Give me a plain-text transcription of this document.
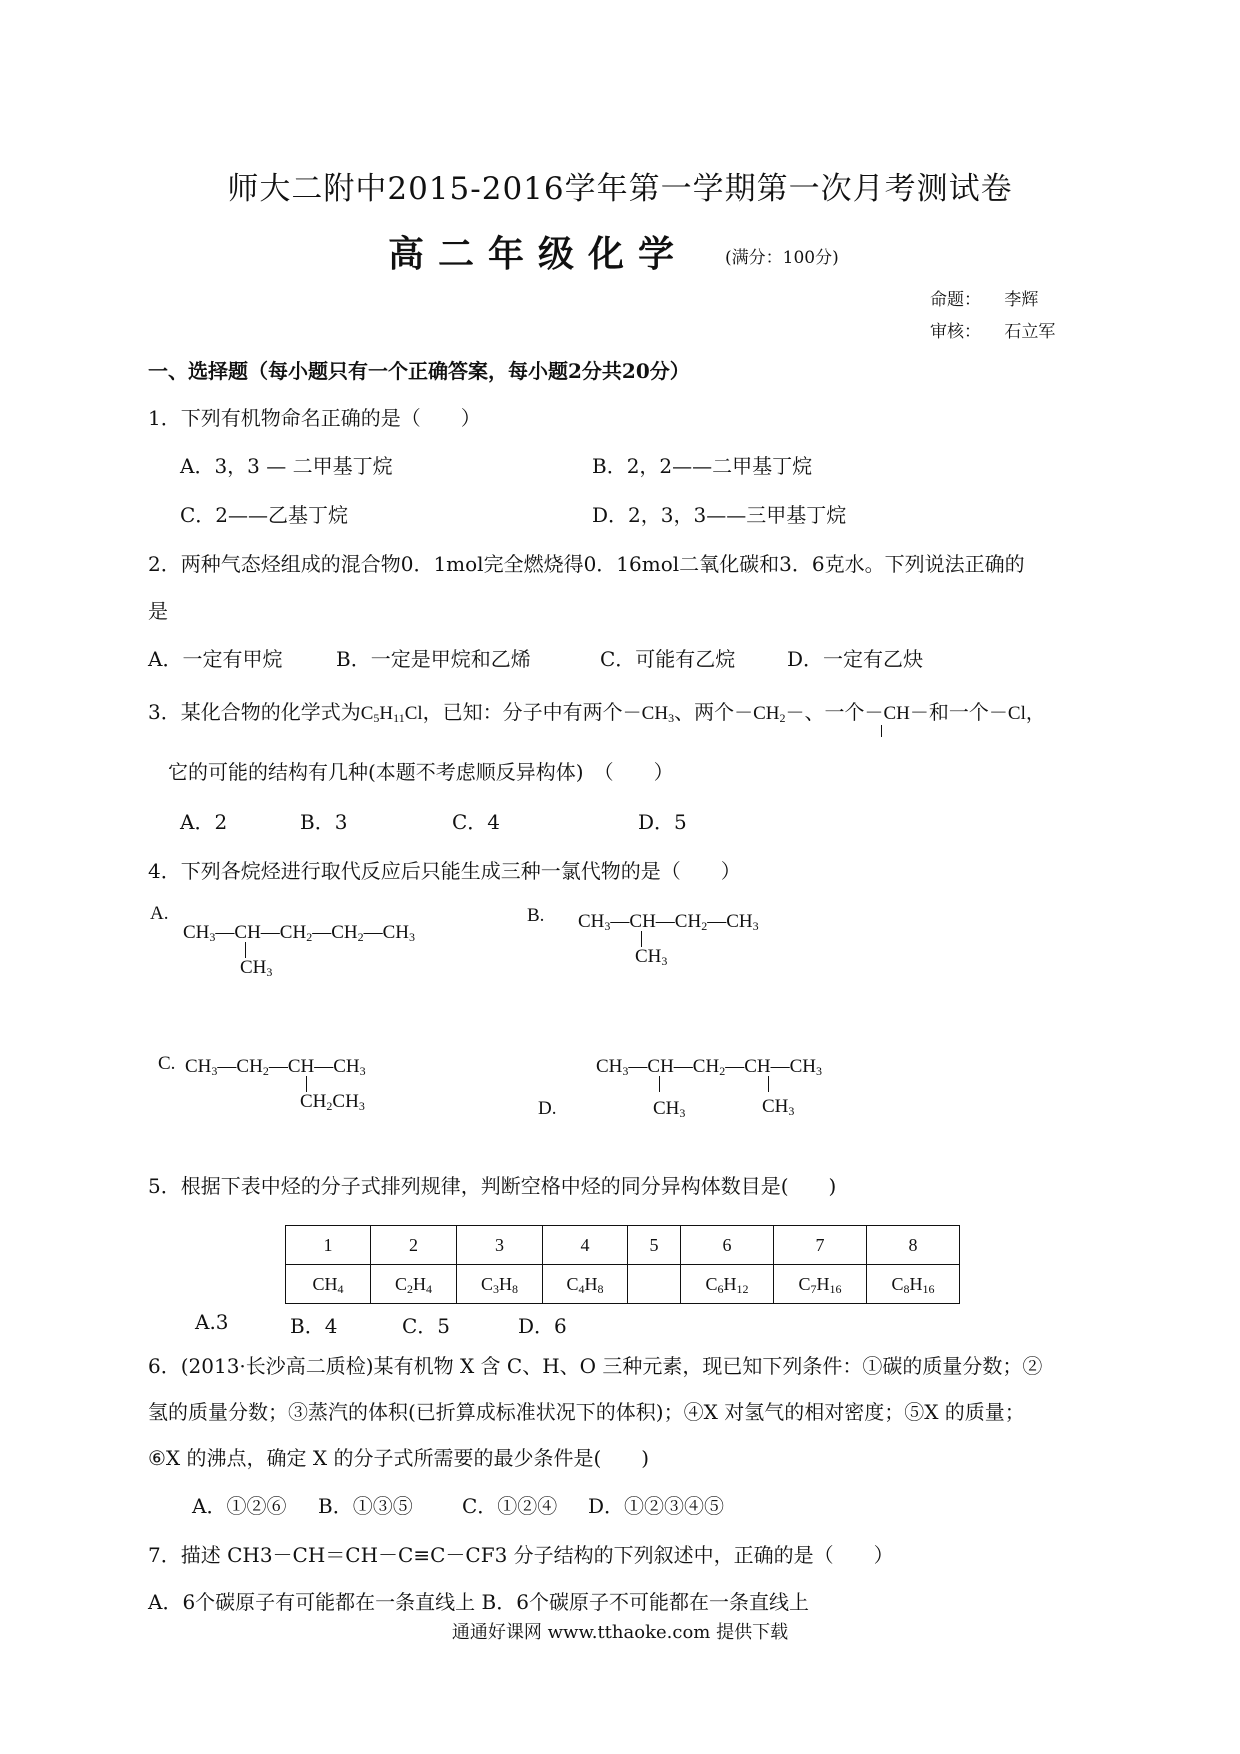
师大二附中2015-2016学年第一学期第一次月考测试卷
高二年级化学 (满分：100分)
命题： 李辉
审核： 石立军
一、选择题（每小题只有一个正确答案，每小题2分共20分）
1．下列有机物命名正确的是（　　）
A．3，3 — 二甲基丁烷	B．2，2——二甲基丁烷
C．2——乙基丁烷	D．2，3，3——三甲基丁烷
2．两种气态烃组成的混合物0．1mol完全燃烧得0．16mol二氧化碳和3．6克水。下列说法正确的
是
A．一定有甲烷	B．一定是甲烷和乙烯	C．可能有乙烷	D．一定有乙炔
3．某化合物的化学式为$C_5H_{11}Cl$，已知：分子中有两个$-CH_3$、两个$-CH_2-$、一个－CH－
和一个－Cl，
它的可能的结构有几种(本题不考虑顺反异构体)　（　　）
A．2	B．3	C．4	D．5
4．下列各烷烃进行取代反应后只能生成三种一氯代物的是（　　）
A.
$CH_3—CH—CH_2—CH_2—CH_3$
$CH_3$
B. $CH_3—CH—CH_2—CH_3$
$CH_3$
C. $CH_3—CH_2—CH—CH_3$
$CH_2CH_3$
$CH_3—CH—CH_2—CH—CH_3$
D.	$CH_3$	$CH_3$
5．根据下表中烃的分子式排列规律，判断空格中烃的同分异构体数目是(　　)
1	2	3	4	5	6	7	8
$CH_4$	$C_2H_4$	$C_3H_8$	$C_4H_8$		$C_6H_{12}$	$C_7H_{16}$	$C_8H_{16}$
A.3	B．4	C．5	D．6
6．(2013·长沙高二质检)某有机物 X 含 C、H、O 三种元素，现已知下列条件：①碳的质量分数；②
氢的质量分数；③蒸汽的体积(已折算成标准状况下的体积)；④X 对氢气的相对密度；⑤X 的质量；
⑥X 的沸点，确定 X 的分子式所需要的最少条件是(　　)
A．①②⑥ B．①③⑤ C．①②④ D．①②③④⑤
7．描述 CH3－CH＝CH－C≡C－CF3 分子结构的下列叙述中，正确的是（　　）
A．6个碳原子有可能都在一条直线上 B．6个碳原子不可能都在一条直线上
通通好课网 www.tthaoke.com 提供下载
